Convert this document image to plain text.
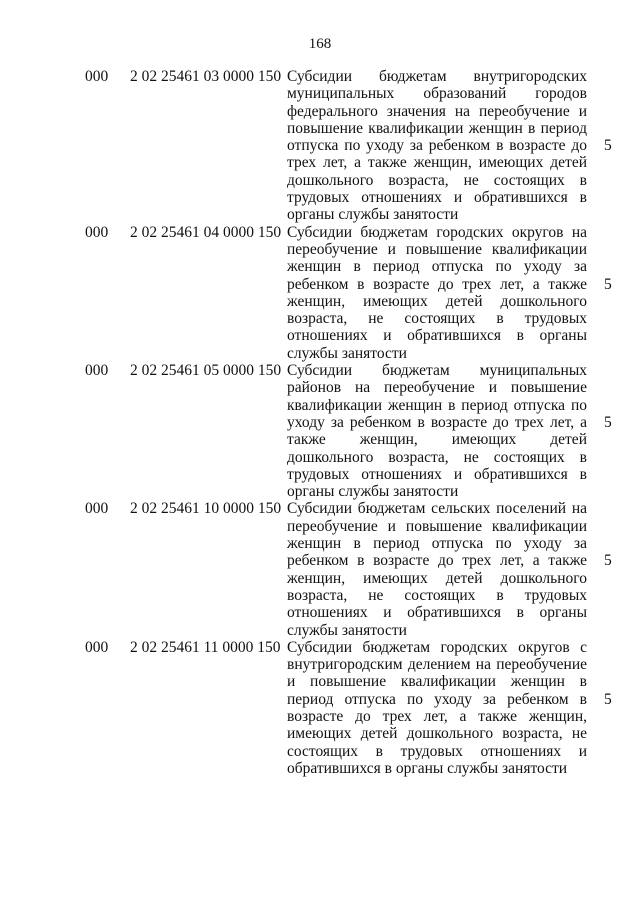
168
000 2 02 25461 03 0000 150 Субсидии бюджетам внутригородских муниципальных образований городов федерального значения на переобучение и повышение квалификации женщин в период отпуска по уходу за ребенком в возрасте до трех лет, а также женщин, имеющих детей дошкольного возраста, не состоящих в трудовых отношениях и обратившихся в органы службы занятости
5
000 2 02 25461 04 0000 150 Субсидии бюджетам городских округов на переобучение и повышение квалификации женщин в период отпуска по уходу за ребенком в возрасте до трех лет, а также женщин, имеющих детей дошкольного возраста, не состоящих в трудовых отношениях и обратившихся в органы службы занятости
5
000 2 02 25461 05 0000 150 Субсидии бюджетам муниципальных районов на переобучение и повышение квалификации женщин в период отпуска по уходу за ребенком в возрасте до трех лет, а также женщин, имеющих детей дошкольного возраста, не состоящих в трудовых отношениях и обратившихся в органы службы занятости
5
000 2 02 25461 10 0000 150 Субсидии бюджетам сельских поселений на переобучение и повышение квалификации женщин в период отпуска по уходу за ребенком в возрасте до трех лет, а также женщин, имеющих детей дошкольного возраста, не состоящих в трудовых отношениях и обратившихся в органы службы занятости
5
000 2 02 25461 11 0000 150 Субсидии бюджетам городских округов с внутригородским делением на переобучение и повышение квалификации женщин в период отпуска по уходу за ребенком в возрасте до трех лет, а также женщин, имеющих детей дошкольного возраста, не состоящих в трудовых отношениях и обратившихся в органы службы занятости
5
